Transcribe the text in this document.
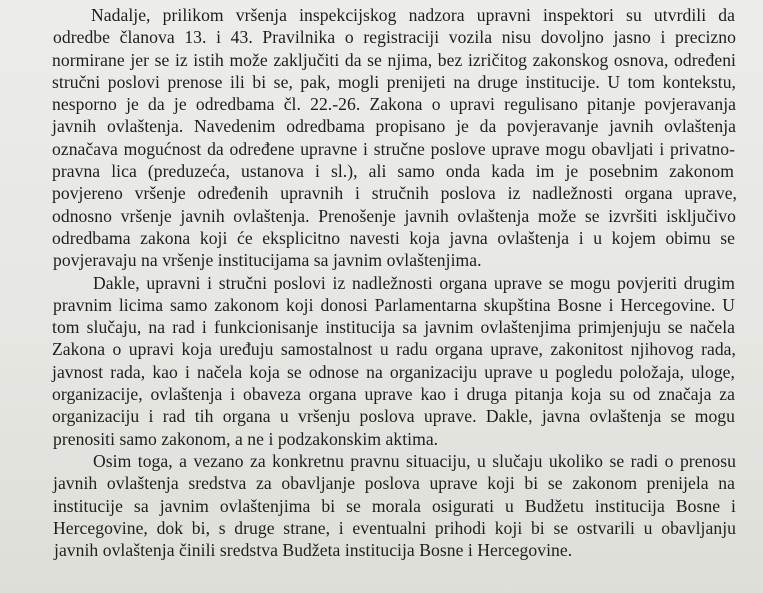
Nadalje, prilikom vršenja inspekcijskog nadzora upravni inspektori su utvrdili da
odredbe članova 13. i 43. Pravilnika o registraciji vozila nisu dovoljno jasno i precizno
normirane jer se iz istih može zaključiti da se njima, bez izričitog zakonskog osnova, određeni
stručni poslovi prenose ili bi se, pak, mogli prenijeti na druge institucije. U tom kontekstu,
nesporno je da je odredbama čl. 22.-26. Zakona o upravi regulisano pitanje povjeravanja
javnih ovlaštenja. Navedenim odredbama propisano je da povjeravanje javnih ovlaštenja
označava mogućnost da određene upravne i stručne poslove uprave mogu obavljati i privatno-
pravna lica (preduzeća, ustanova i sl.), ali samo onda kada im je posebnim zakonom
povjereno vršenje određenih upravnih i stručnih poslova iz nadležnosti organa uprave,
odnosno vršenje javnih ovlaštenja. Prenošenje javnih ovlaštenja može se izvršiti isključivo
odredbama zakona koji će eksplicitno navesti koja javna ovlaštenja i u kojem obimu se
povjeravaju na vršenje institucijama sa javnim ovlaštenjima.
Dakle, upravni i stručni poslovi iz nadležnosti organa uprave se mogu povjeriti drugim
pravnim licima samo zakonom koji donosi Parlamentarna skupština Bosne i Hercegovine. U
tom slučaju, na rad i funkcionisanje institucija sa javnim ovlaštenjima primjenjuju se načela
Zakona o upravi koja uređuju samostalnost u radu organa uprave, zakonitost njihovog rada,
javnost rada, kao i načela koja se odnose na organizaciju uprave u pogledu položaja, uloge,
organizacije, ovlaštenja i obaveza organa uprave kao i druga pitanja koja su od značaja za
organizaciju i rad tih organa u vršenju poslova uprave. Dakle, javna ovlaštenja se mogu
prenositi samo zakonom, a ne i podzakonskim aktima.
Osim toga, a vezano za konkretnu pravnu situaciju, u slučaju ukoliko se radi o prenosu
javnih ovlaštenja sredstva za obavljanje poslova uprave koji bi se zakonom prenijela na
institucije sa javnim ovlaštenjima bi se morala osigurati u Budžetu institucija Bosne i
Hercegovine, dok bi, s druge strane, i eventualni prihodi koji bi se ostvarili u obavljanju
javnih ovlaštenja činili sredstva Budžeta institucija Bosne i Hercegovine.
